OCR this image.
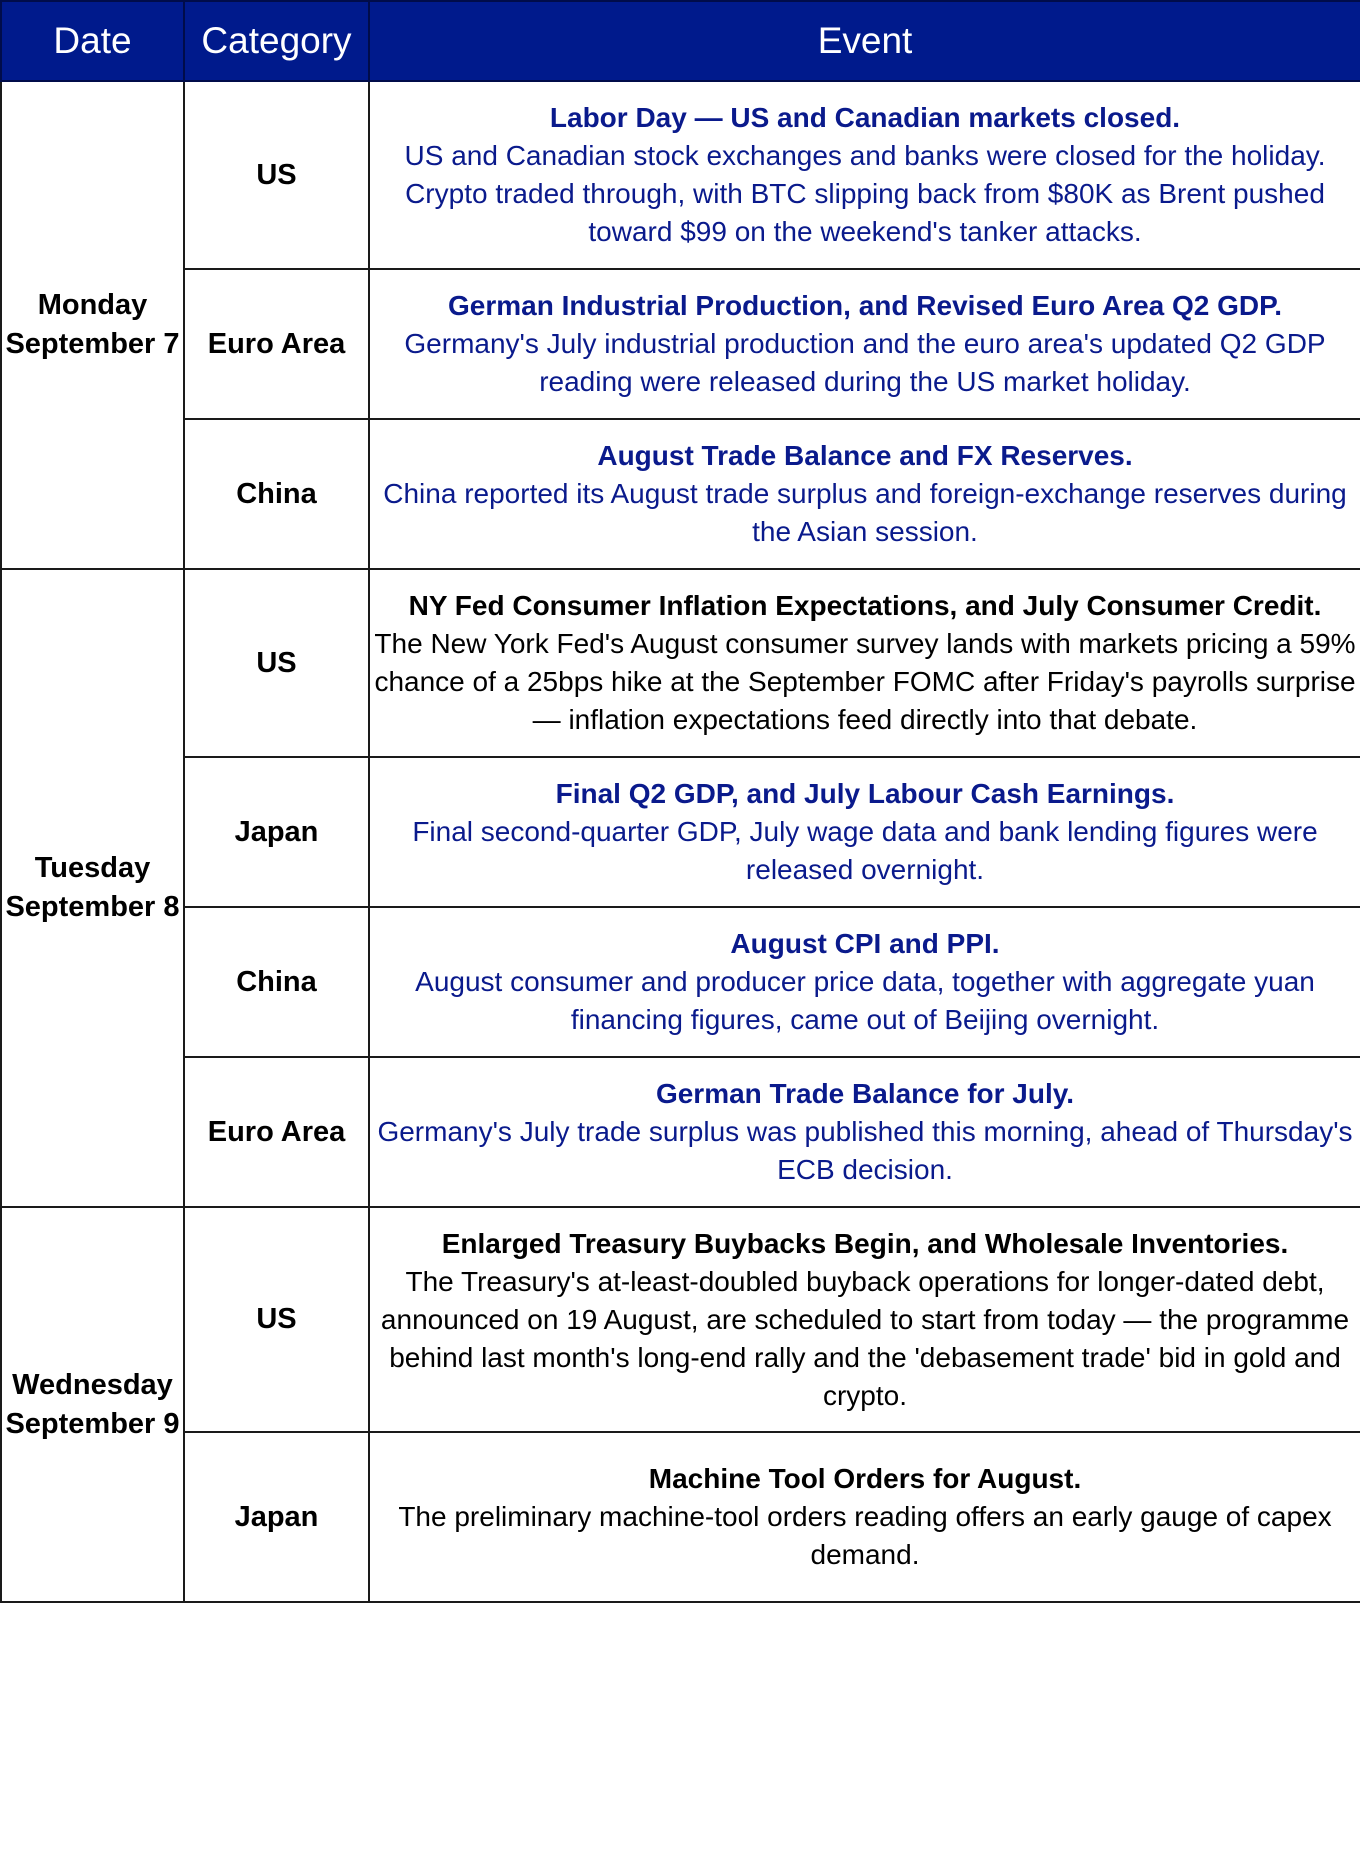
Date	Category	Event

Monday
September 7	US	Labor Day — US and Canadian markets closed.
US and Canadian stock exchanges and banks were closed for the holiday. Crypto traded through, with BTC slipping back from $80K as Brent pushed toward $99 on the weekend's tanker attacks.

	Euro Area	German Industrial Production, and Revised Euro Area Q2 GDP.
Germany's July industrial production and the euro area's updated Q2 GDP reading were released during the US market holiday.

	China	August Trade Balance and FX Reserves.
China reported its August trade surplus and foreign-exchange reserves during the Asian session.

Tuesday
September 8	US	NY Fed Consumer Inflation Expectations, and July Consumer Credit.
The New York Fed's August consumer survey lands with markets pricing a 59% chance of a 25bps hike at the September FOMC after Friday's payrolls surprise — inflation expectations feed directly into that debate.

	Japan	Final Q2 GDP, and July Labour Cash Earnings.
Final second-quarter GDP, July wage data and bank lending figures were released overnight.

	China	August CPI and PPI.
August consumer and producer price data, together with aggregate yuan financing figures, came out of Beijing overnight.

	Euro Area	German Trade Balance for July.
Germany's July trade surplus was published this morning, ahead of Thursday's ECB decision.

Wednesday
September 9	US	Enlarged Treasury Buybacks Begin, and Wholesale Inventories.
The Treasury's at-least-doubled buyback operations for longer-dated debt, announced on 19 August, are scheduled to start from today — the programme behind last month's long-end rally and the 'debasement trade' bid in gold and crypto.

	Japan	Machine Tool Orders for August.
The preliminary machine-tool orders reading offers an early gauge of capex demand.
